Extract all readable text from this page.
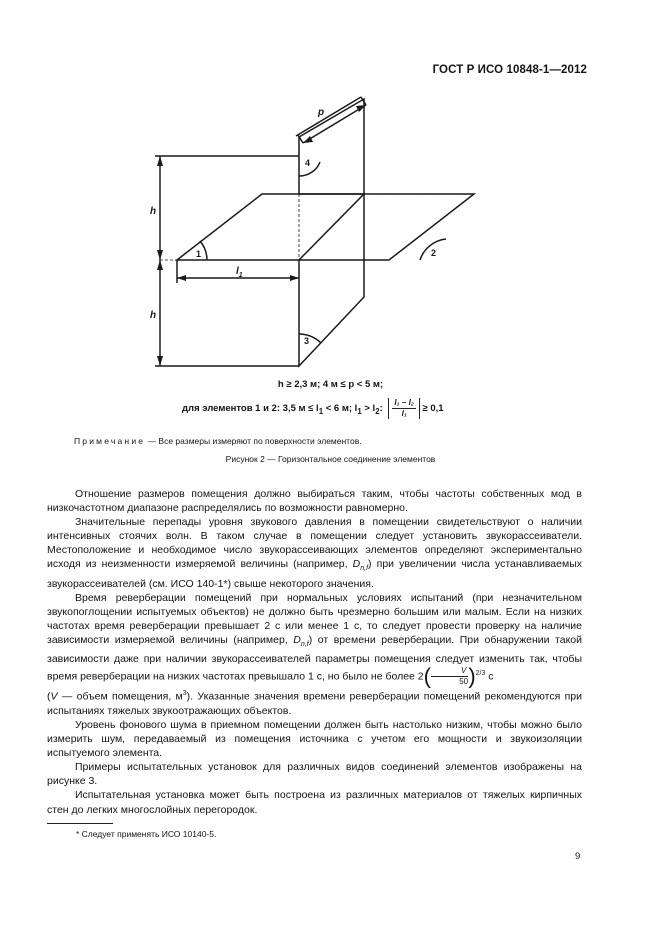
ГОСТ Р ИСО 10848-1—2012
p
h
h
$l_1$
1	2
3
4
h ≥ 2,3 м; 4 м ≤ p < 5 м;
для элементов 1 и 2: 3,5 $м \le l_1 < 6$ м; $l_1 > l_2$: $\frac{\text{l₁ − l₂}}{\text{l₁}} \ge 0,1$
Примечание — Все размеры измеряют по поверхности элементов.
Рисунок 2 — Горизонтальное соединение элементов

Отношение размеров помещения должно выбираться таким, чтобы частоты собственных мод в низкочастотном диапазоне распределялись по возможности равномерно.

Значительные перепады уровня звукового давления в помещении свидетельствуют о наличии интенсивных стоячих волн. В таком случае в помещении следует установить звукорассеиватели. Местоположение и необходимое число звукорассеивающих элементов определяют экспериментально исходя из неизменности измеряемой величины (например, $D_{n,f}$) при увеличении числа устанавливаемых звукорассеивателей (см. ИСО 140-1*) свыше некоторого значения.

Время реверберации помещений при нормальных условиях испытаний (при незначительном звукопоглощении испытуемых объектов) не должно быть чрезмерно большим или малым. Если на низких частотах время реверберации превышает 2 с или менее 1 с, то следует провести проверку на наличие зависимости измеряемой величины (например, $D_{n,f}$) от времени реверберации. При обнаружении такой зависимости даже при наличии звукорассеивателей параметры помещения следует изменить так, чтобы время реверберации на низких частотах превышало 1 с, но было не более $2( \frac{V}{50} )^{2/3}$ с

(V — объем помещения, $м^3$). Указанные значения времени реверберации помещений рекомендуются при испытаниях тяжелых звукоотражающих объектов.

Уровень фонового шума в приемном помещении должен быть настолько низким, чтобы можно было измерить шум, передаваемый из помещения источника с учетом его мощности и звукоизоляции испытуемого элемента.

Примеры испытательных установок для различных видов соединений элементов изображены на рисунке 3.

Испытательная установка может быть построена из различных материалов от тяжелых кирпичных стен до легких многослойных перегородок.

* Следует применять ИСО 10140-5.
9
